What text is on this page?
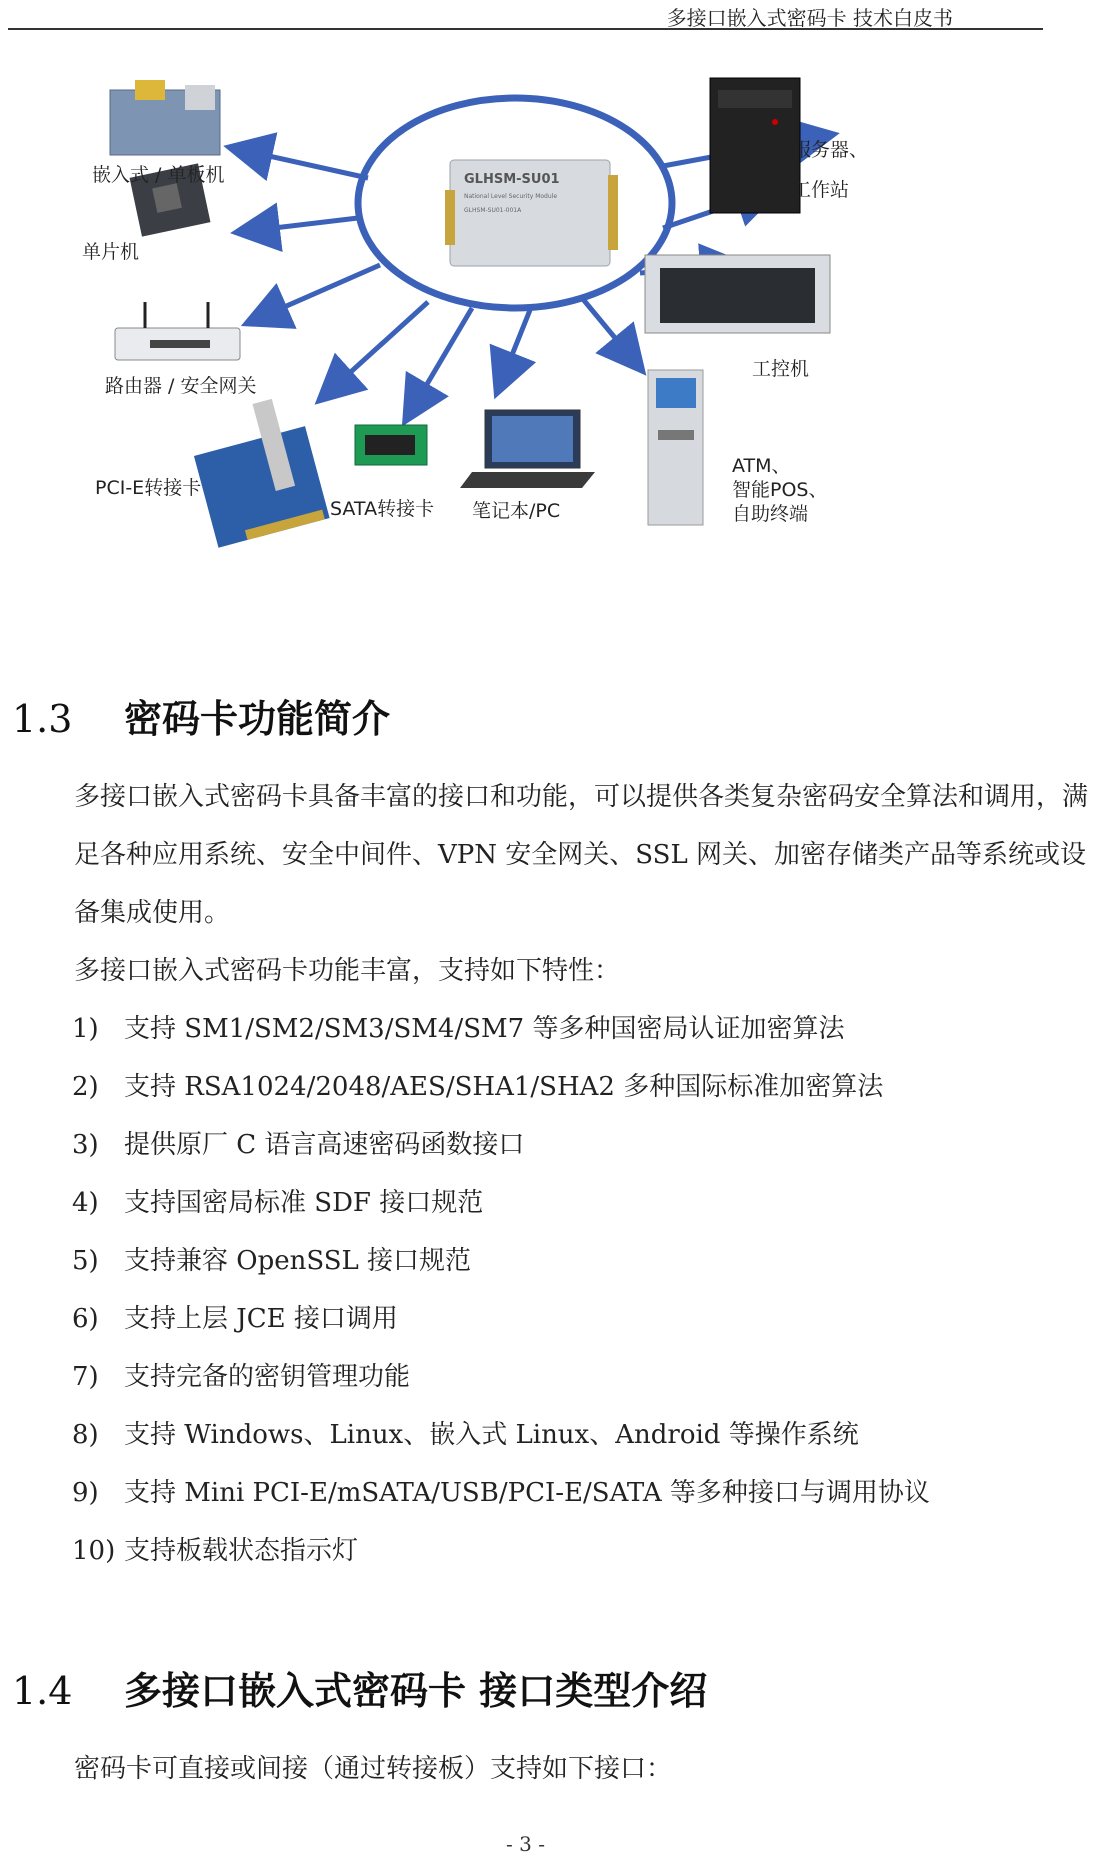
多接口嵌入式密码卡 技术白皮书
GLHSM-SU01
National Level Security Module
GLHSM-SU01-001A
嵌入式 / 单板机
单片机
路由器 / 安全网关
PCI-E转接卡
SATA转接卡 笔记本/PC
服务器、
工作站
工控机
ATM、
智能POS、
自助终端
1.3 密码卡功能简介

多接口嵌入式密码卡具备丰富的接口和功能，可以提供各类复杂密码安全算法和调用，满足各种应用系统、安全中间件、VPN 安全网关、SSL 网关、加密存储类产品等系统或设备集成使用。

多接口嵌入式密码卡功能丰富，支持如下特性：

1) 支持 SM1/SM2/SM3/SM4/SM7 等多种国密局认证加密算法
2) 支持 RSA1024/2048/AES/SHA1/SHA2 多种国际标准加密算法
3) 提供原厂 C 语言高速密码函数接口
4) 支持国密局标准 SDF 接口规范
5) 支持兼容 OpenSSL 接口规范
6) 支持上层 JCE 接口调用
7) 支持完备的密钥管理功能
8) 支持 Windows、Linux、嵌入式 Linux、Android 等操作系统
9) 支持 Mini PCI-E/mSATA/USB/PCI-E/SATA 等多种接口与调用协议
10) 支持板载状态指示灯
1.4 多接口嵌入式密码卡 接口类型介绍

密码卡可直接或间接（通过转接板）支持如下接口：

- 3 -
